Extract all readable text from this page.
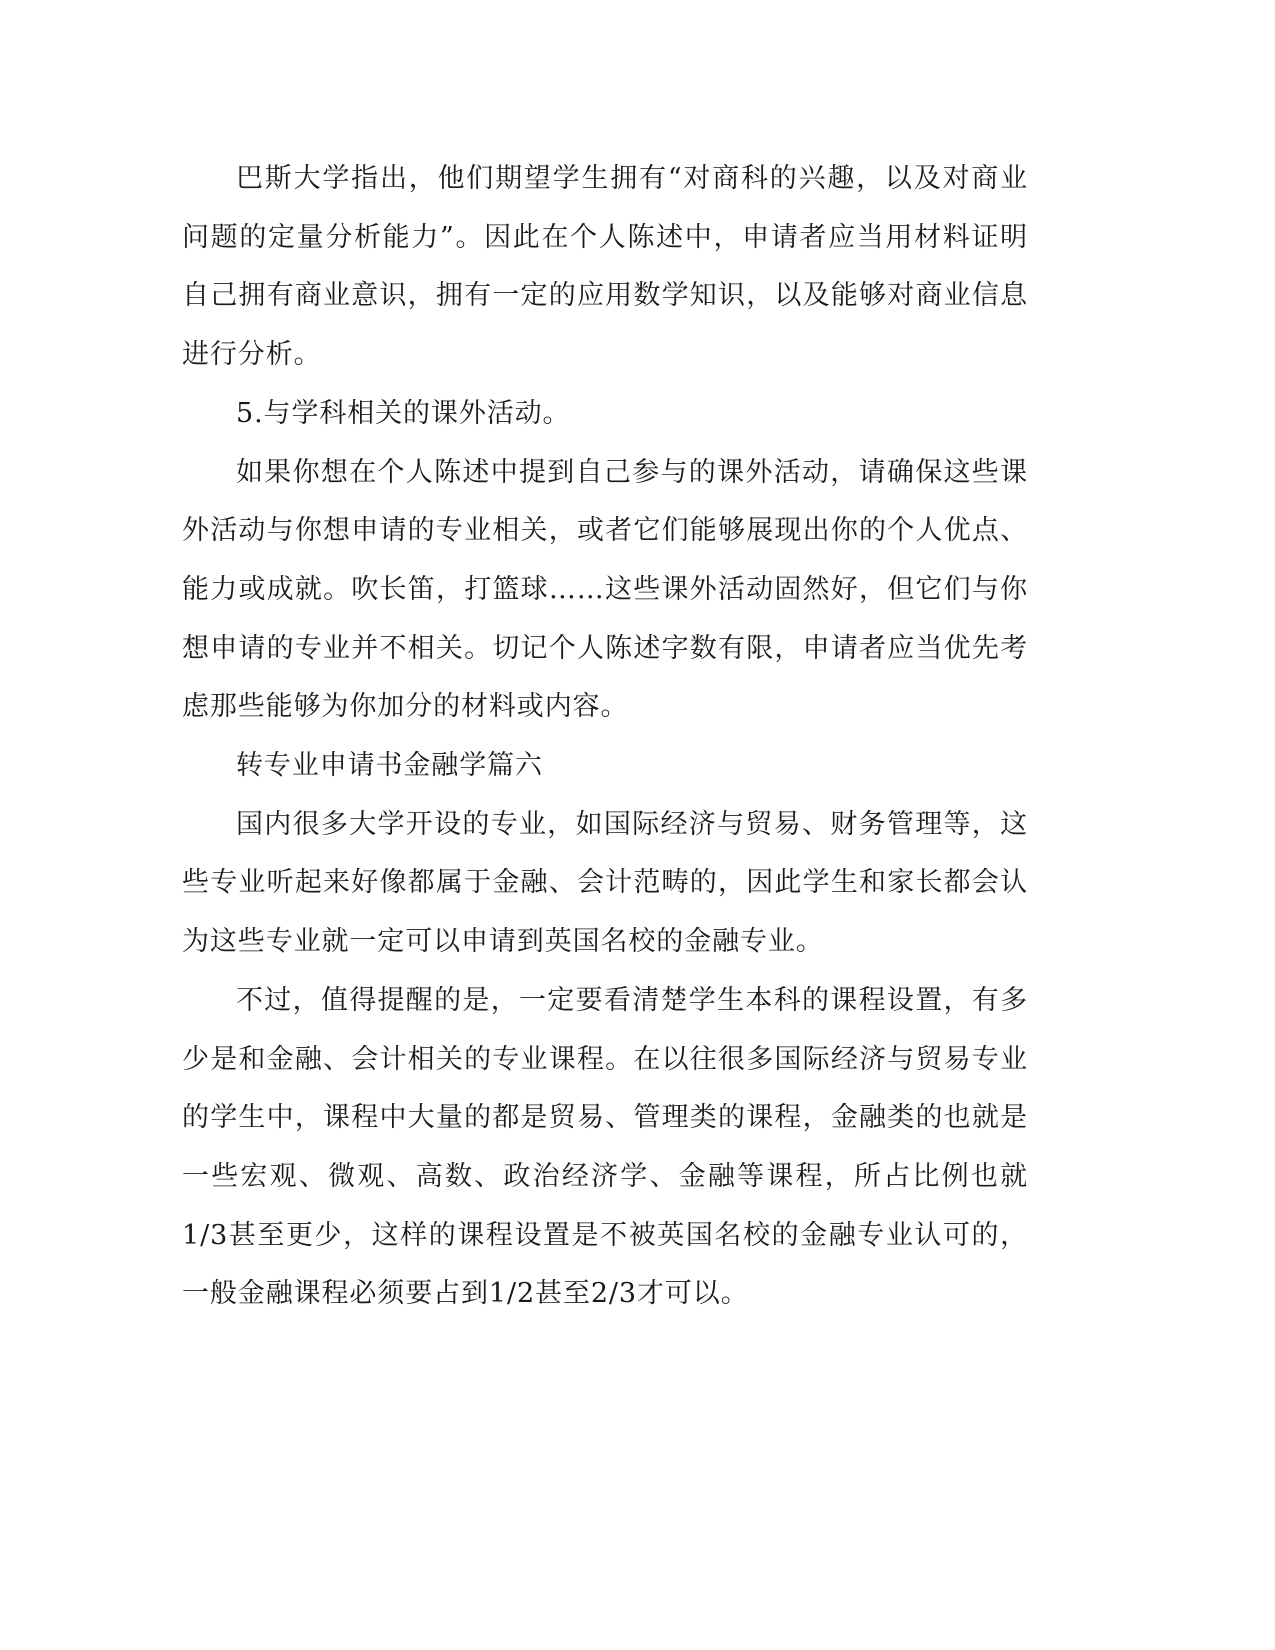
巴斯大学指出，他们期望学生拥有“对商科的兴趣，以及对商业问题的定量分析能力”。因此在个人陈述中，申请者应当用材料证明自己拥有商业意识，拥有一定的应用数学知识，以及能够对商业信息进行分析。

5.与学科相关的课外活动。

如果你想在个人陈述中提到自己参与的课外活动，请确保这些课外活动与你想申请的专业相关，或者它们能够展现出你的个人优点、能力或成就。吹长笛，打篮球……这些课外活动固然好，但它们与你想申请的专业并不相关。切记个人陈述字数有限，申请者应当优先考虑那些能够为你加分的材料或内容。

转专业申请书金融学篇六

国内很多大学开设的专业，如国际经济与贸易、财务管理等，这些专业听起来好像都属于金融、会计范畴的，因此学生和家长都会认为这些专业就一定可以申请到英国名校的金融专业。

不过，值得提醒的是，一定要看清楚学生本科的课程设置，有多少是和金融、会计相关的专业课程。在以往很多国际经济与贸易专业的学生中，课程中大量的都是贸易、管理类的课程，金融类的也就是一些宏观、微观、高数、政治经济学、金融等课程，所占比例也就1/3甚至更少，这样的课程设置是不被英国名校的金融专业认可的，一般金融课程必须要占到1/2甚至2/3才可以。
